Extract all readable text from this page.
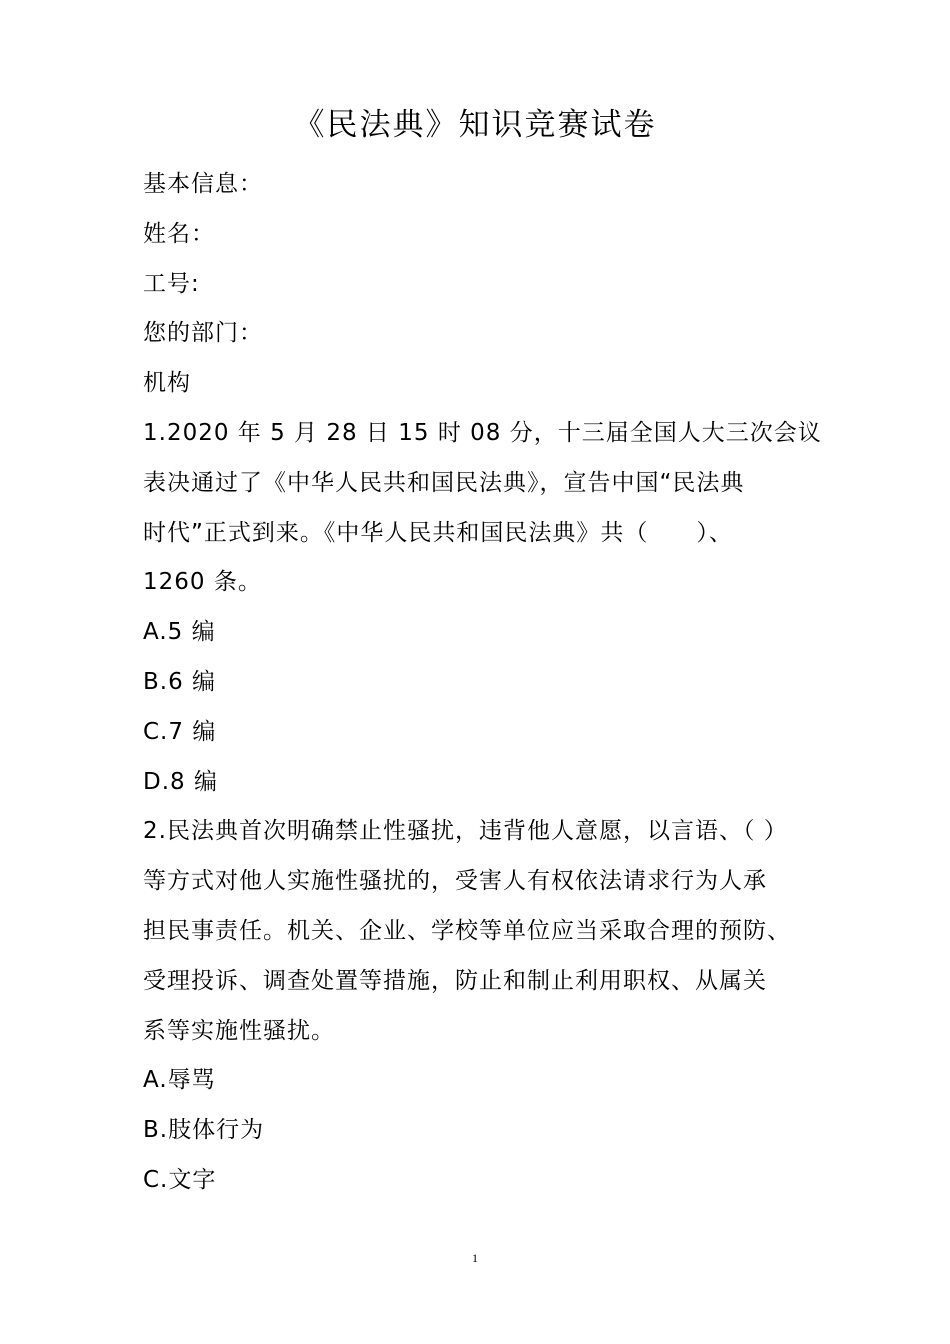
《民法典》知识竞赛试卷
基本信息：
姓名：
工号:
您的部门：
机构
1.2020 年 5 月 28 日 15 时 08 分，十三届全国人大三次会议
表决通过了《中华人民共和国民法典》，宣告中国“民法典
时代”正式到来。《中华人民共和国民法典》共（　　）、
1260 条。
A.5 编
B.6 编
C.7 编
D.8 编
2.民法典首次明确禁止性骚扰，违背他人意愿，以言语、（ ）
等方式对他人实施性骚扰的，受害人有权依法请求行为人承
担民事责任。机关、企业、学校等单位应当采取合理的预防、
受理投诉、调查处置等措施，防止和制止利用职权、从属关
系等实施性骚扰。
A.辱骂
B.肢体行为
C.文字
1
